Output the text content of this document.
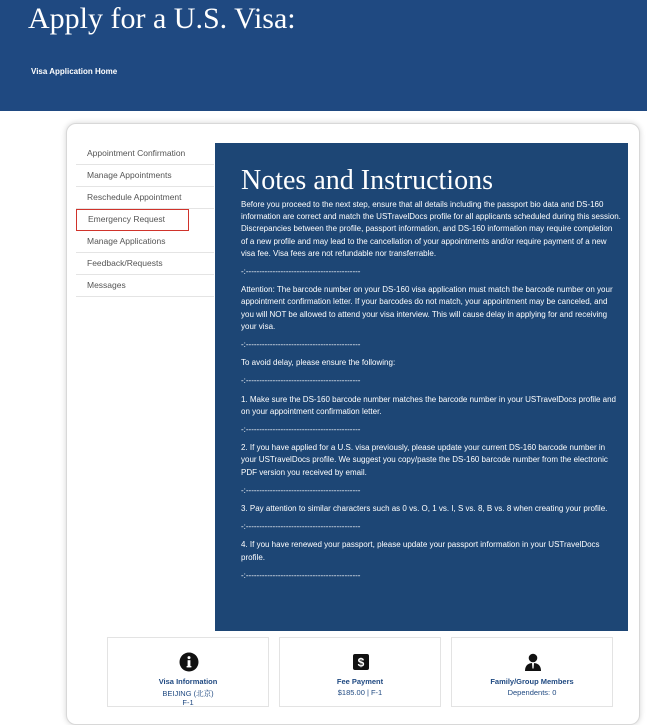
Apply for a U.S. Visa:
Visa Application Home
Appointment Confirmation
Manage Appointments
Reschedule Appointment
Emergency Request
Manage Applications
Feedback/Requests
Messages
Notes and Instructions

Before you proceed to the next step, ensure that all details including the passport bio data and DS-160 information are correct and match the USTravelDocs profile for all applicants scheduled during this session. Discrepancies between the profile, passport information, and DS-160 information may require completion of a new profile and may lead to the cancellation of your appointments and/or require payment of a new visa fee. Visa fees are not refundable nor transferrable.

-:-------------------------------------------

Attention: The barcode number on your DS-160 visa application must match the barcode number on your appointment confirmation letter. If your barcodes do not match, your appointment may be canceled, and you will NOT be allowed to attend your visa interview. This will cause delay in applying for and receiving your visa.

-:-------------------------------------------

To avoid delay, please ensure the following:

-:-------------------------------------------

1. Make sure the DS-160 barcode number matches the barcode number in your USTravelDocs profile and on your appointment confirmation letter.

-:-------------------------------------------

2. If you have applied for a U.S. visa previously, please update your current DS-160 barcode number in your USTravelDocs profile. We suggest you copy/paste the DS-160 barcode number from the electronic PDF version you received by email.

-:-------------------------------------------

3. Pay attention to similar characters such as 0 vs. O, 1 vs. I, S vs. 8, B vs. 8 when creating your profile.

-:-------------------------------------------

4. If you have renewed your passport, please update your passport information in your USTravelDocs profile.

-:-------------------------------------------

Visa Information
BEIJING (北京)
F-1
$
Fee Payment
$185.00 | F-1
Family/Group Members
Dependents: 0
